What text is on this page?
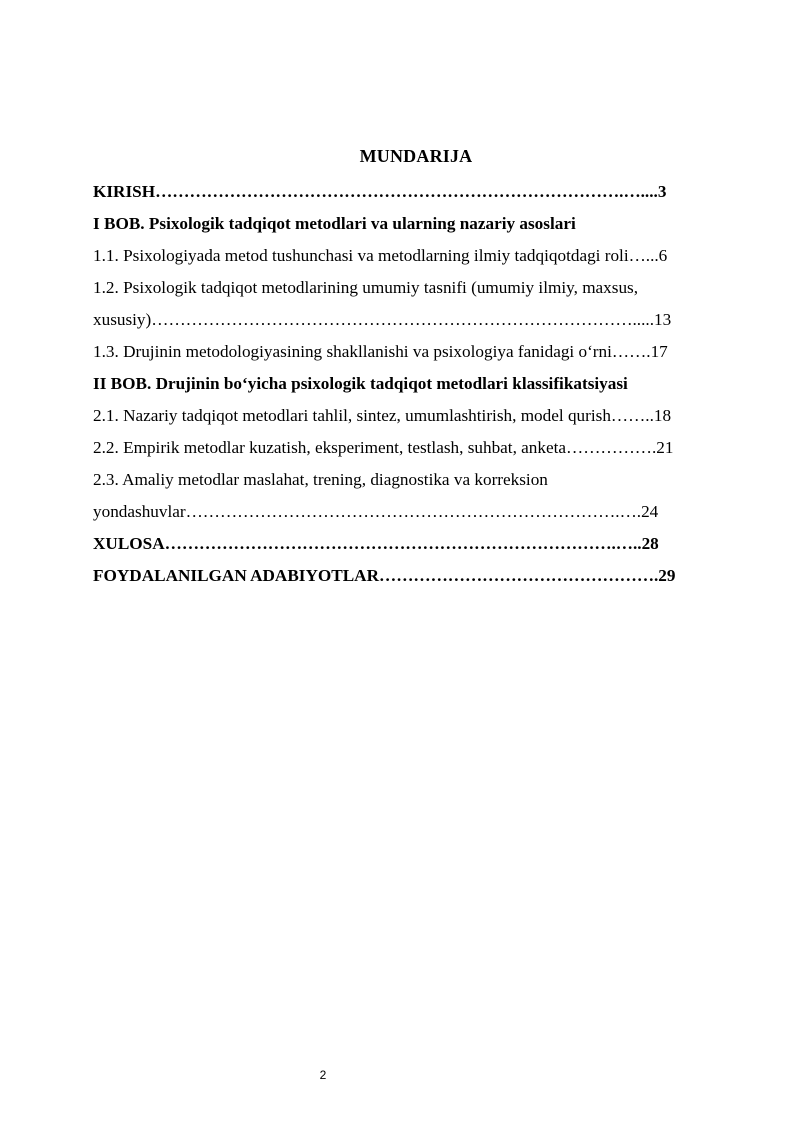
MUNDARIJA
KIRISH……………………………………………………………………….…....3
I BOB. Psixologik tadqiqot metodlari va ularning nazariy asoslari
1.1. Psixologiyada metod tushunchasi va metodlarning ilmiy tadqiqotdagi roli…...6
1.2. Psixologik tadqiqot metodlarining umumiy tasnifi (umumiy ilmiy, maxsus,
xususiy)………………………………………………………………………….....13
1.3. Drujinin metodologiyasining shakllanishi va psixologiya fanidagi o‘rni…….17
II BOB. Drujinin bo‘yicha psixologik tadqiqot metodlari klassifikatsiyasi
2.1. Nazariy tadqiqot metodlari tahlil, sintez, umumlashtirish, model qurish……..18
2.2. Empirik metodlar kuzatish, eksperiment, testlash, suhbat, anketa…………….21
2.3. Amaliy metodlar maslahat, trening, diagnostika va korreksion
yondashuvlar………………………………………………………………….….24
XULOSA…………………………………………………………………….…..28
FOYDALANILGAN ADABIYOTLAR………………………………………….29
2
